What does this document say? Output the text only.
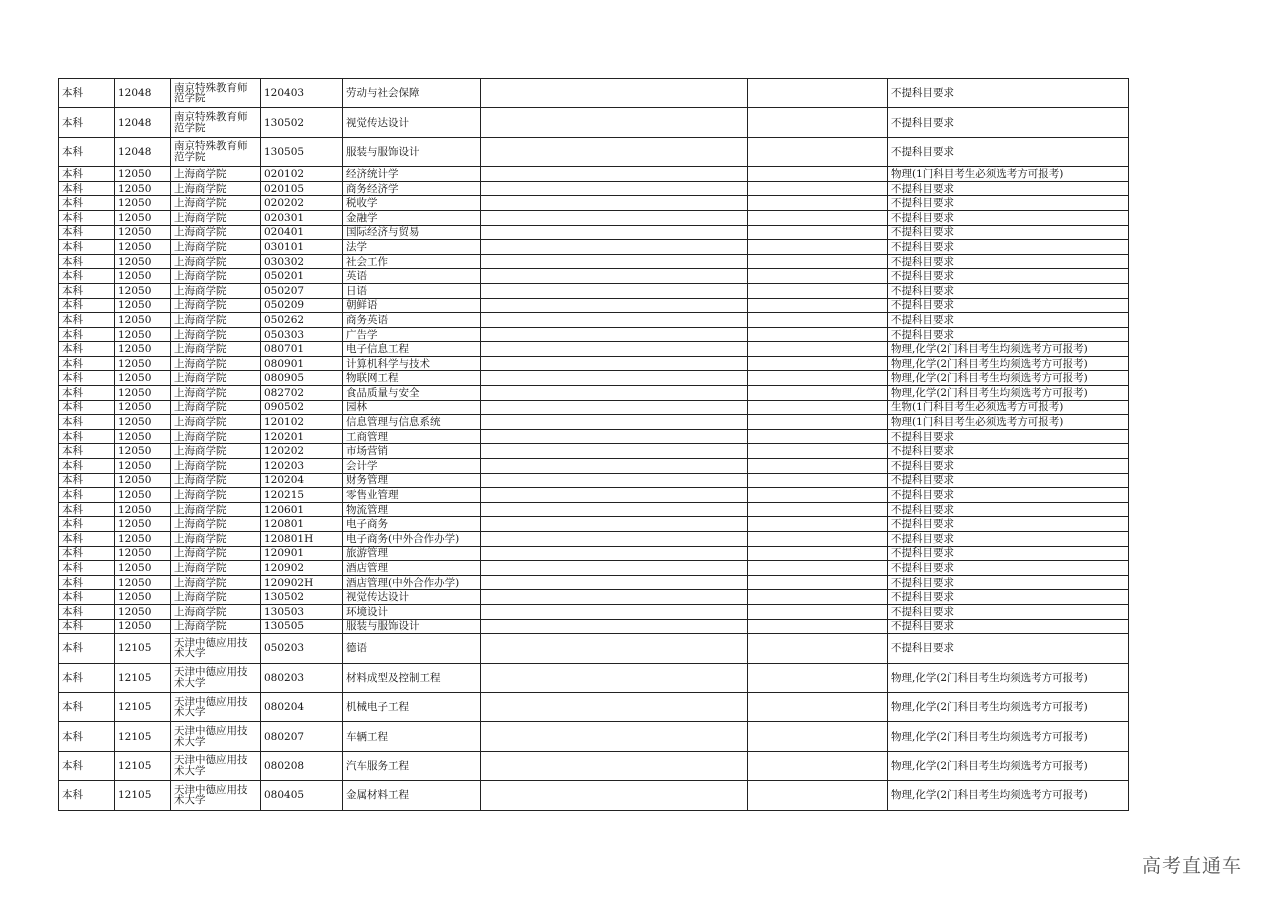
本科	12048	南京特殊教育师范学院	120403	劳动与社会保障			不提科目要求
本科	12048	南京特殊教育师范学院	130502	视觉传达设计			不提科目要求
本科	12048	南京特殊教育师范学院	130505	服装与服饰设计			不提科目要求
本科	12050	上海商学院	020102	经济统计学			物理(1门科目考生必须选考方可报考)
本科	12050	上海商学院	020105	商务经济学			不提科目要求
本科	12050	上海商学院	020202	税收学			不提科目要求
本科	12050	上海商学院	020301	金融学			不提科目要求
本科	12050	上海商学院	020401	国际经济与贸易			不提科目要求
本科	12050	上海商学院	030101	法学			不提科目要求
本科	12050	上海商学院	030302	社会工作			不提科目要求
本科	12050	上海商学院	050201	英语			不提科目要求
本科	12050	上海商学院	050207	日语			不提科目要求
本科	12050	上海商学院	050209	朝鲜语			不提科目要求
本科	12050	上海商学院	050262	商务英语			不提科目要求
本科	12050	上海商学院	050303	广告学			不提科目要求
本科	12050	上海商学院	080701	电子信息工程			物理,化学(2门科目考生均须选考方可报考)
本科	12050	上海商学院	080901	计算机科学与技术			物理,化学(2门科目考生均须选考方可报考)
本科	12050	上海商学院	080905	物联网工程			物理,化学(2门科目考生均须选考方可报考)
本科	12050	上海商学院	082702	食品质量与安全			物理,化学(2门科目考生均须选考方可报考)
本科	12050	上海商学院	090502	园林			生物(1门科目考生必须选考方可报考)
本科	12050	上海商学院	120102	信息管理与信息系统			物理(1门科目考生必须选考方可报考)
本科	12050	上海商学院	120201	工商管理			不提科目要求
本科	12050	上海商学院	120202	市场营销			不提科目要求
本科	12050	上海商学院	120203	会计学			不提科目要求
本科	12050	上海商学院	120204	财务管理			不提科目要求
本科	12050	上海商学院	120215	零售业管理			不提科目要求
本科	12050	上海商学院	120601	物流管理			不提科目要求
本科	12050	上海商学院	120801	电子商务			不提科目要求
本科	12050	上海商学院	120801H	电子商务(中外合作办学)			不提科目要求
本科	12050	上海商学院	120901	旅游管理			不提科目要求
本科	12050	上海商学院	120902	酒店管理			不提科目要求
本科	12050	上海商学院	120902H	酒店管理(中外合作办学)			不提科目要求
本科	12050	上海商学院	130502	视觉传达设计			不提科目要求
本科	12050	上海商学院	130503	环境设计			不提科目要求
本科	12050	上海商学院	130505	服装与服饰设计			不提科目要求
本科	12105	天津中德应用技术大学	050203	德语			不提科目要求
本科	12105	天津中德应用技术大学	080203	材料成型及控制工程			物理,化学(2门科目考生均须选考方可报考)
本科	12105	天津中德应用技术大学	080204	机械电子工程			物理,化学(2门科目考生均须选考方可报考)
本科	12105	天津中德应用技术大学	080207	车辆工程			物理,化学(2门科目考生均须选考方可报考)
本科	12105	天津中德应用技术大学	080208	汽车服务工程			物理,化学(2门科目考生均须选考方可报考)
本科	12105	天津中德应用技术大学	080405	金属材料工程			物理,化学(2门科目考生均须选考方可报考)
高考直通车
